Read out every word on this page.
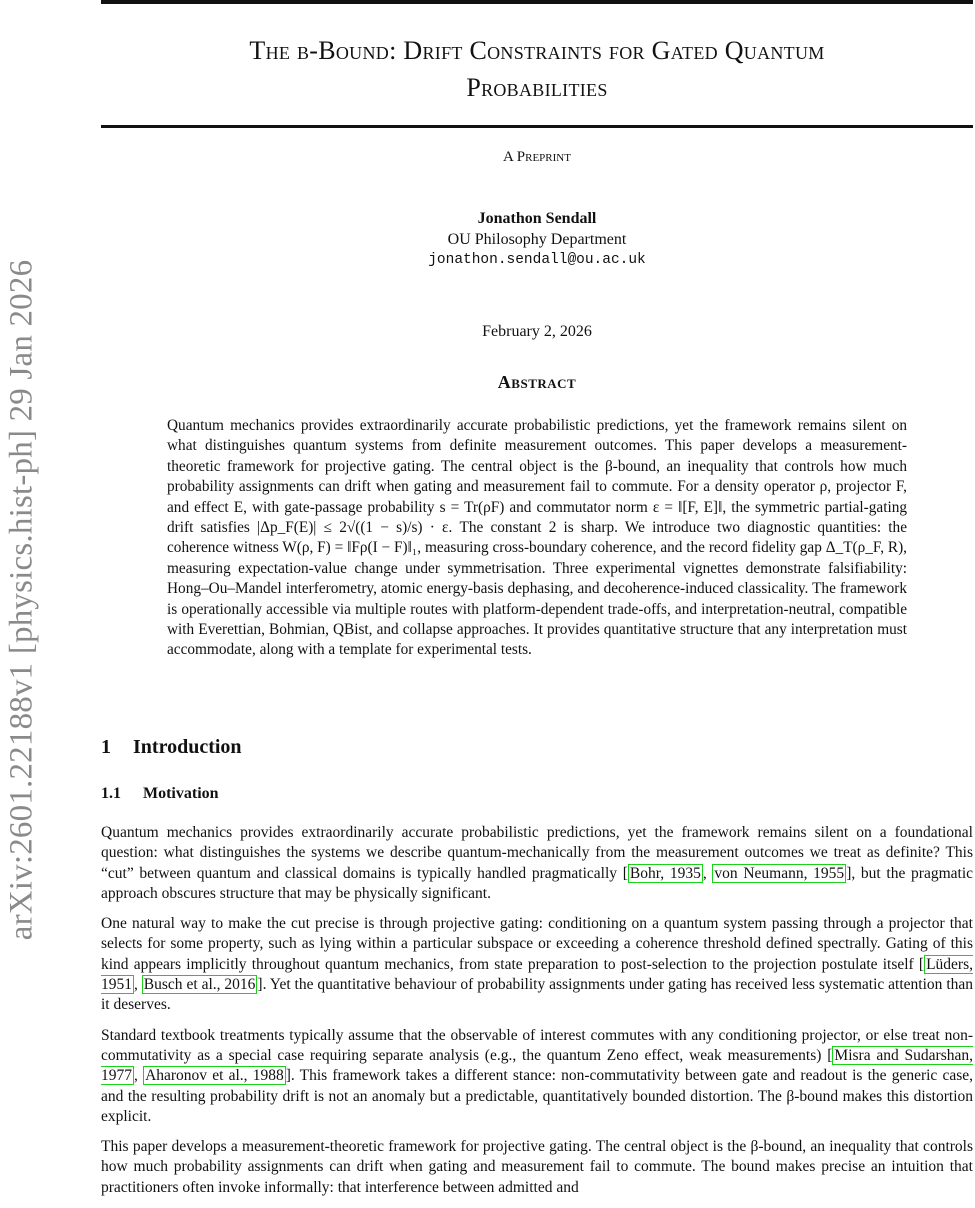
arXiv:2601.22188v1 [physics.hist-ph] 29 Jan 2026
The β-Bound: Drift Constraints for Gated Quantum
Probabilities
A Preprint
Jonathon Sendall
OU Philosophy Department
jonathon.sendall@ou.ac.uk
February 2, 2026
Abstract
Quantum mechanics provides extraordinarily accurate probabilistic predictions, yet the framework remains silent on what distinguishes quantum systems from definite measurement outcomes. This paper develops a measurement-theoretic framework for projective gating. The central object is the β-bound, an inequality that controls how much probability assignments can drift when gating and measurement fail to commute. For a density operator ρ, projector F, and effect E, with gate-passage probability s = Tr(ρF) and commutator norm ε = ‖[F, E]‖, the symmetric partial-gating drift satisfies |Δp_F(E)| ≤ 2√((1 − s)/s) · ε. The constant 2 is sharp. We introduce two diagnostic quantities: the coherence witness W(ρ, F) = ‖Fρ(I − F)‖₁, measuring cross-boundary coherence, and the record fidelity gap Δ_T(ρ_F, R), measuring expectation-value change under symmetrisation. Three experimental vignettes demonstrate falsifiability: Hong–Ou–Mandel interferometry, atomic energy-basis dephasing, and decoherence-induced classicality. The framework is operationally accessible via multiple routes with platform-dependent trade-offs, and interpretation-neutral, compatible with Everettian, Bohmian, QBist, and collapse approaches. It provides quantitative structure that any interpretation must accommodate, along with a template for experimental tests.
1 Introduction
1.1 Motivation

Quantum mechanics provides extraordinarily accurate probabilistic predictions, yet the framework remains silent on a foundational question: what distinguishes the systems we describe quantum-mechanically from the measurement outcomes we treat as definite? This “cut” between quantum and classical domains is typically handled pragmatically [ Bohr, 1935 , von Neumann, 1955 ], but the pragmatic approach obscures structure that may be physically significant.

One natural way to make the cut precise is through projective gating: conditioning on a quantum system passing through a projector that selects for some property, such as lying within a particular subspace or exceeding a coherence threshold defined spectrally. Gating of this kind appears implicitly throughout quantum mechanics, from state preparation to post-selection to the projection postulate itself [ Lüders, 1951 , Busch et al., 2016 ]. Yet the quantitative behaviour of probability assignments under gating has received less systematic attention than it deserves.

Standard textbook treatments typically assume that the observable of interest commutes with any conditioning projector, or else treat non-commutativity as a special case requiring separate analysis (e.g., the quantum Zeno effect, weak measurements) [ Misra and Sudarshan, 1977 , Aharonov et al., 1988 ]. This framework takes a different stance: non-commutativity between gate and readout is the generic case, and the resulting probability drift is not an anomaly but a predictable, quantitatively bounded distortion. The β-bound makes this distortion explicit.

This paper develops a measurement-theoretic framework for projective gating. The central object is the β-bound, an inequality that controls how much probability assignments can drift when gating and measurement fail to commute. The bound makes precise an intuition that practitioners often invoke informally: that interference between admitted and
